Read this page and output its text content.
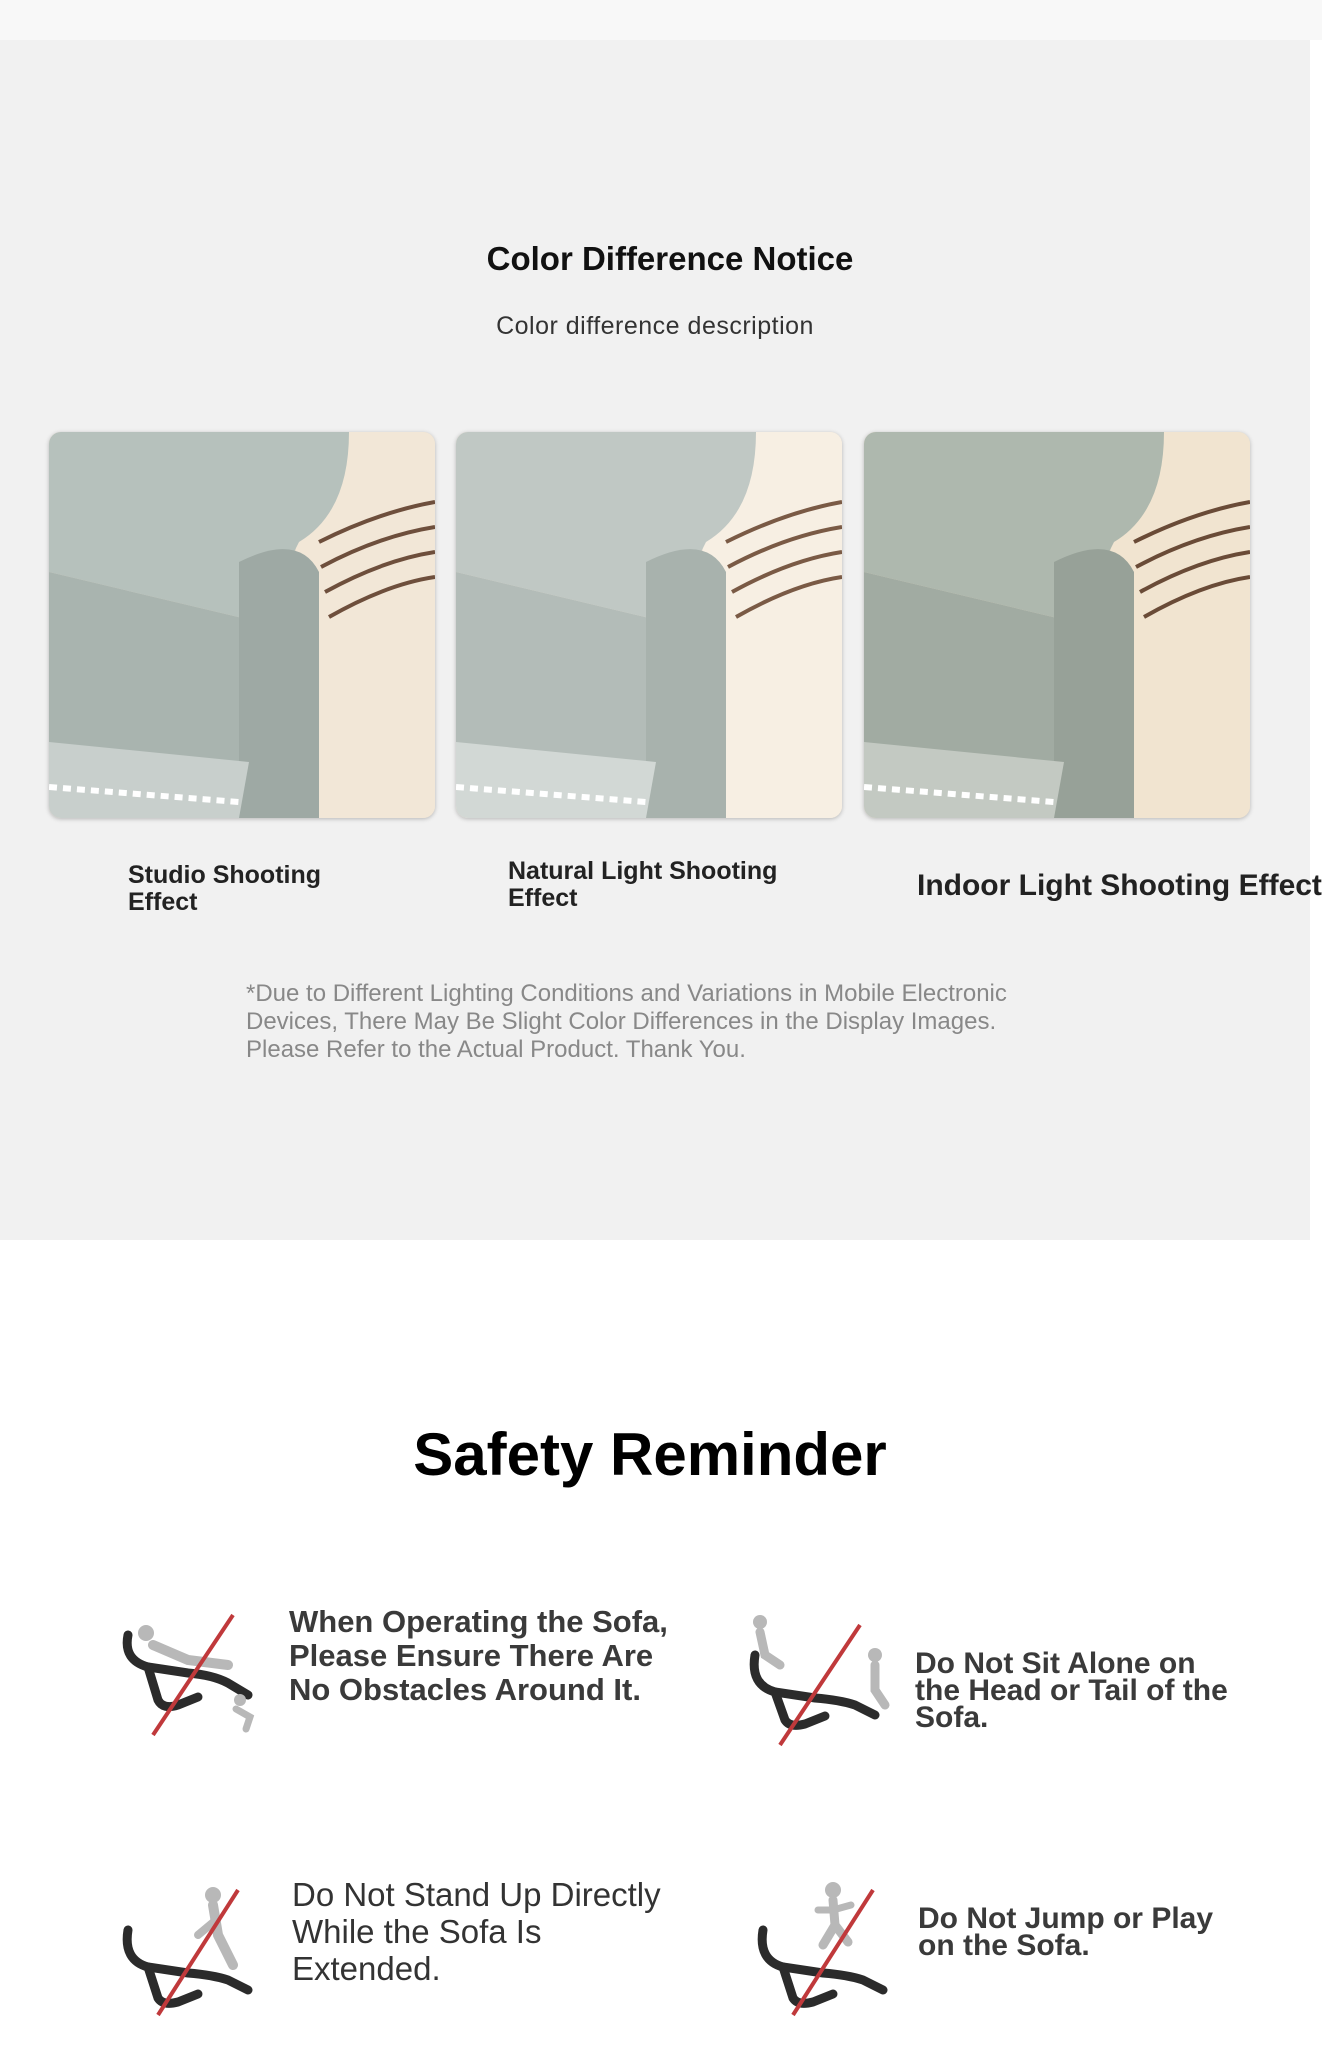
Color Difference Notice
Color difference description
Studio Shooting Effect
Natural Light Shooting Effect	Indoor Light Shooting Effect
*Due to Different Lighting Conditions and Variations in Mobile Electronic Devices, There May Be Slight Color Differences in the Display Images. Please Refer to the Actual Product. Thank You.
Safety Reminder
When Operating the Sofa, Please Ensure There Are No Obstacles Around It.
Do Not Sit Alone on the Head or Tail of the Sofa.
Do Not Stand Up Directly While the Sofa Is Extended.
Do Not Jump or Play on the Sofa.
